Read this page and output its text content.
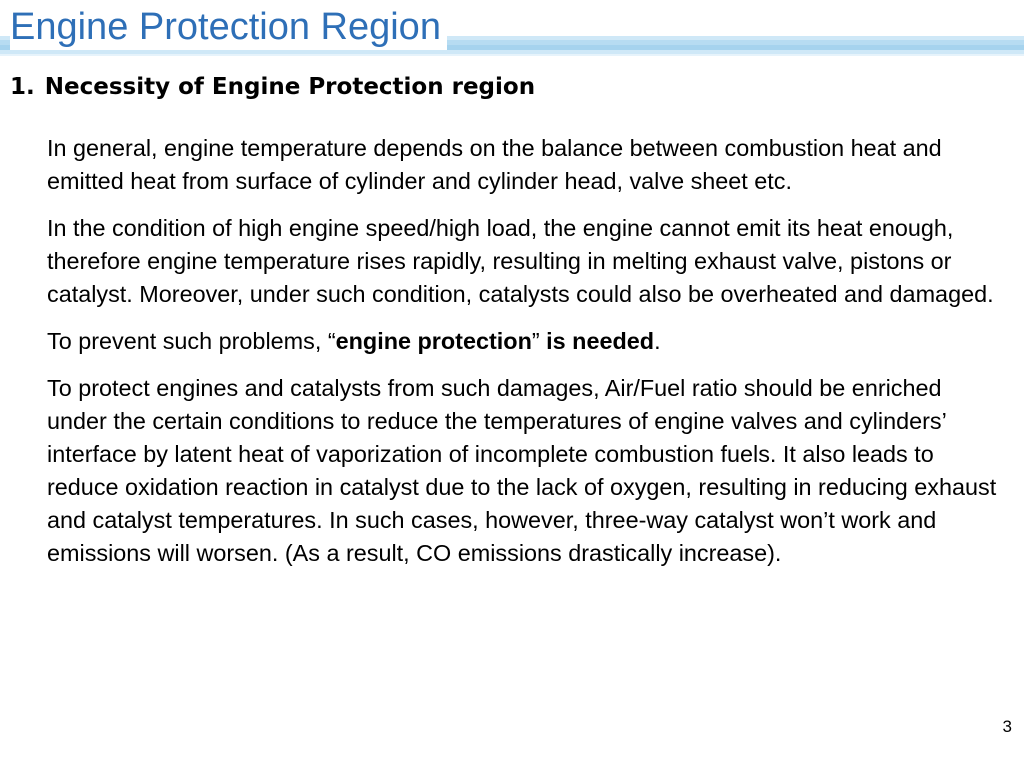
Engine Protection Region
1. Necessity of Engine Protection region

In general, engine temperature depends on the balance between combustion heat and emitted heat from surface of cylinder and cylinder head, valve sheet etc.

In the condition of high engine speed/high load, the engine cannot emit its heat enough, therefore engine temperature rises rapidly, resulting in melting exhaust valve, pistons or catalyst. Moreover, under such condition, catalysts could also be overheated and damaged.

To prevent such problems, “engine protection” is needed.

To protect engines and catalysts from such damages, Air/Fuel ratio should be enriched under the certain conditions to reduce the temperatures of engine valves and cylinders’ interface by latent heat of vaporization of incomplete combustion fuels. It also leads to reduce oxidation reaction in catalyst due to the lack of oxygen, resulting in reducing exhaust and catalyst temperatures. In such cases, however, three-way catalyst won’t work and emissions will worsen. (As a result, CO emissions drastically increase).

3
